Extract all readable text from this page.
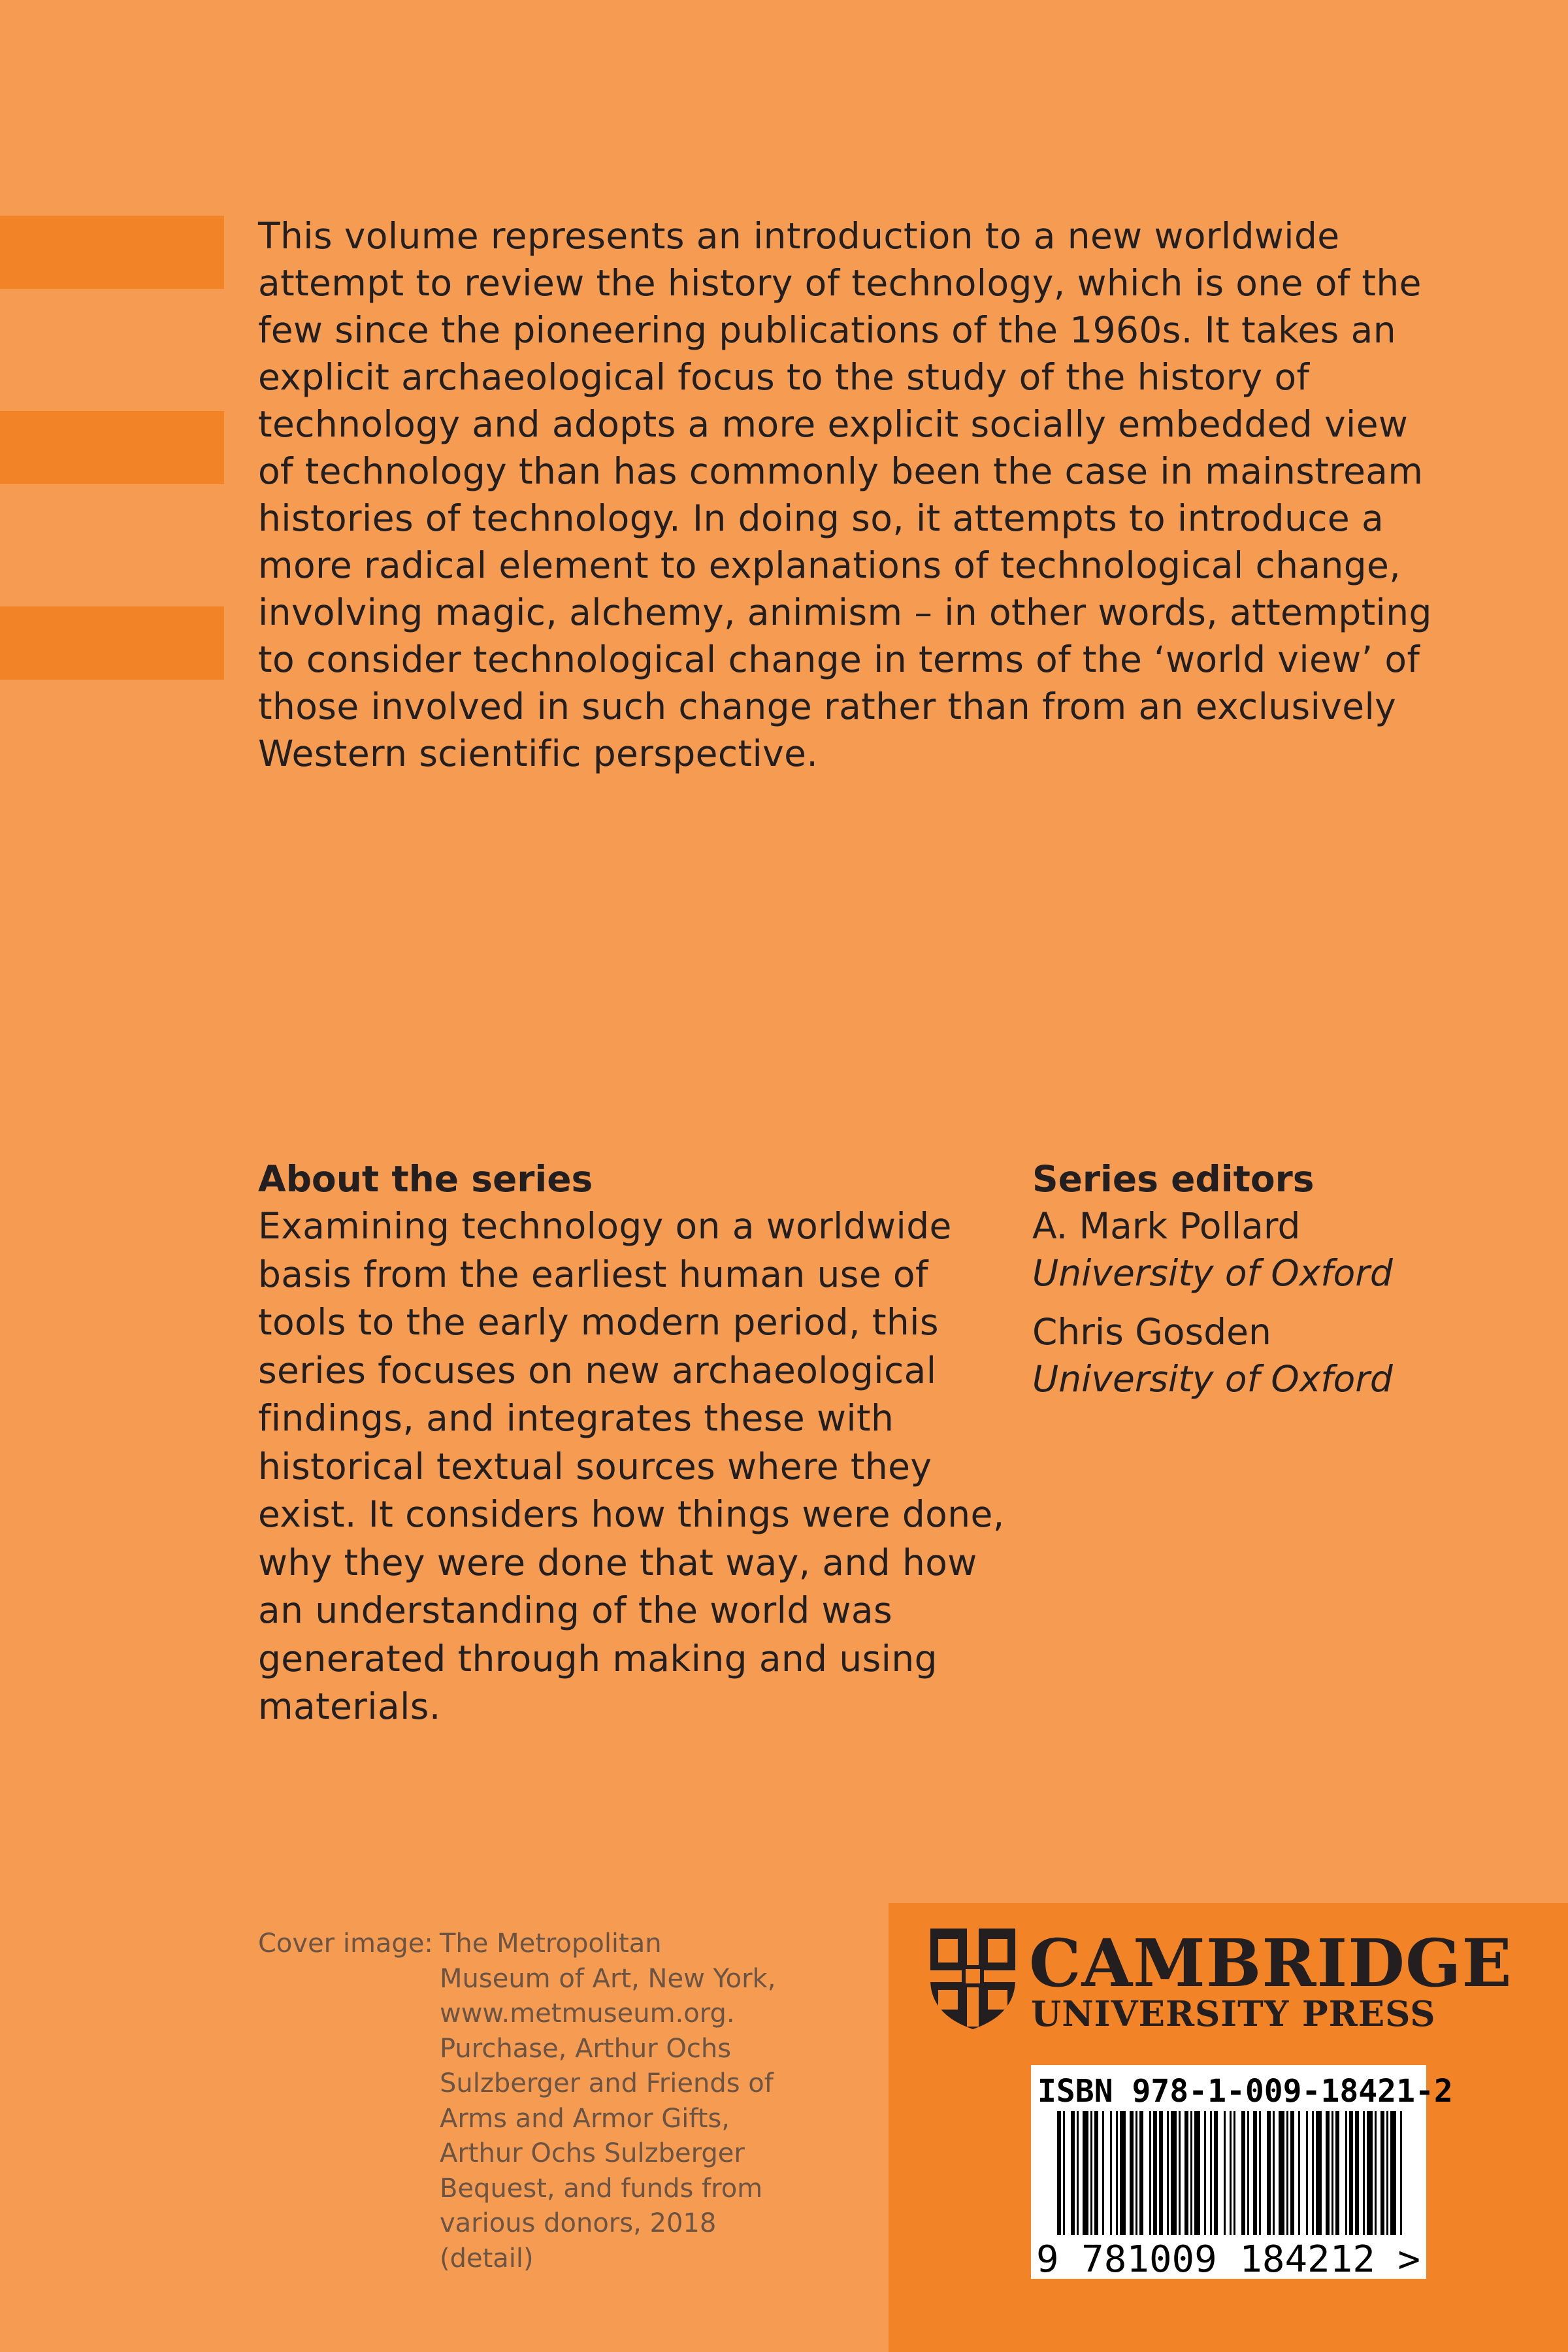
This volume represents an introduction to a new worldwide attempt to review the history of technology, which is one of the few since the pioneering publications of the 1960s. It takes an explicit archaeological focus to the study of the history of technology and adopts a more explicit socially embedded view of technology than has commonly been the case in mainstream histories of technology. In doing so, it attempts to introduce a more radical element to explanations of technological change, involving magic, alchemy, animism – in other words, attempting to consider technological change in terms of the ‘world view’ of those involved in such change rather than from an exclusively Western scientific perspective.

About the series

Examining technology on a worldwide basis from the earliest human use of tools to the early modern period, this series focuses on new archaeological findings, and integrates these with historical textual sources where they exist. It considers how things were done, why they were done that way, and how an understanding of the world was generated through making and using materials.

Series editors
A. Mark Pollard
University of Oxford
Chris Gosden
University of Oxford
Cover image: The Metropolitan Museum of Art, New York, www.metmuseum.org. Purchase, Arthur Ochs Sulzberger and Friends of Arms and Armor Gifts, Arthur Ochs Sulzberger Bequest, and funds from various donors, 2018 (detail)
CAMBRIDGE
UNIVERSITY PRESS
ISBN 978-1-009-18421-2
9 781009 184212 >
